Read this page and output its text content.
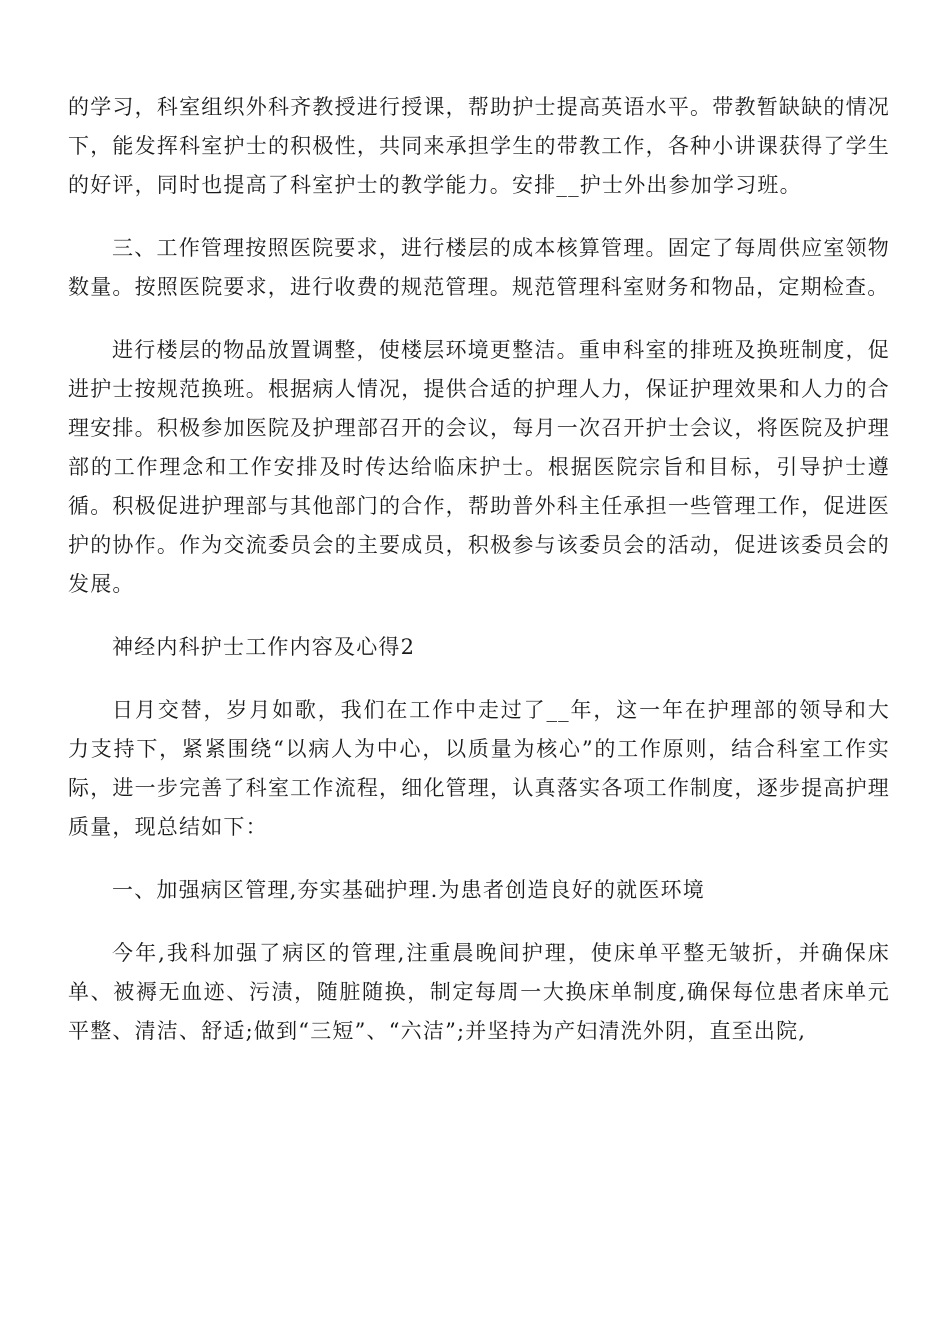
的学习，科室组织外科齐教授进行授课，帮助护士提高英语水平。带教暂缺缺的情况下，能发挥科室护士的积极性，共同来承担学生的带教工作，各种小讲课获得了学生的好评，同时也提高了科室护士的教学能力。安排__护士外出参加学习班。

三、工作管理按照医院要求，进行楼层的成本核算管理。固定了每周供应室领物数量。按照医院要求，进行收费的规范管理。规范管理科室财务和物品，定期检查。

进行楼层的物品放置调整，使楼层环境更整洁。重申科室的排班及换班制度，促进护士按规范换班。根据病人情况，提供合适的护理人力，保证护理效果和人力的合理安排。积极参加医院及护理部召开的会议，每月一次召开护士会议，将医院及护理部的工作理念和工作安排及时传达给临床护士。根据医院宗旨和目标，引导护士遵循。积极促进护理部与其他部门的合作，帮助普外科主任承担一些管理工作，促进医护的协作。作为交流委员会的主要成员，积极参与该委员会的活动，促进该委员会的发展。

神经内科护士工作内容及心得2

日月交替，岁月如歌，我们在工作中走过了__年，这一年在护理部的领导和大力支持下，紧紧围绕“以病人为中心，以质量为核心”的工作原则，结合科室工作实际，进一步完善了科室工作流程，细化管理，认真落实各项工作制度，逐步提高护理质量，现总结如下：

一、加强病区管理,夯实基础护理.为患者创造良好的就医环境

今年,我科加强了病区的管理,注重晨晚间护理，使床单平整无皱折，并确保床单、被褥无血迹、污渍，随脏随换，制定每周一大换床单制度,确保每位患者床单元平整、清洁、舒适;做到“三短”、“六洁”;并坚持为产妇清洗外阴，直至出院,
